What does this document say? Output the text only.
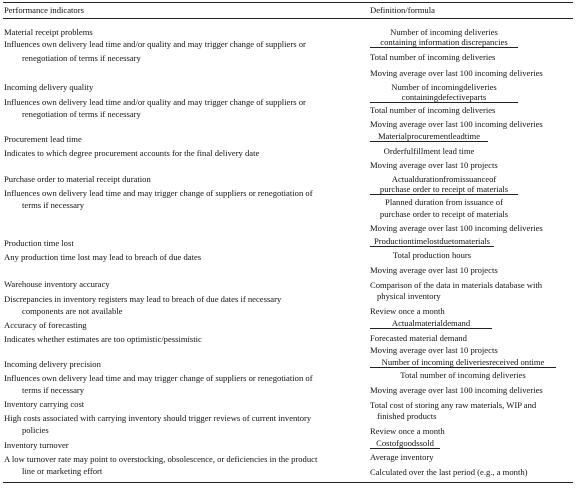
Performance indicators	Definition/formula
Material receipt problems
Influences own delivery lead time and/or quality and may trigger change of suppliers or
renegotiation of terms if necessary
Number of incoming deliveries
containing information discrepancies
Total number of incoming deliveries
Moving average over last 100 incoming deliveries
Incoming delivery quality
Influences own delivery lead time and/or quality and may trigger change of suppliers or
renegotiation of terms if necessary
Number of incomingdeliveries
containingdefectiveparts
Total number of incoming deliveries
Moving average over last 100 incoming deliveries
Procurement lead time
Indicates to which degree procurement accounts for the final delivery date
Materialprocurementleadtime
Orderfulfillment lead time
Moving average over last 10 projects
Purchase order to material receipt duration
Influences own delivery lead time and may trigger change of suppliers or renegotiation of
terms if necessary
Actualdurationfromissuanceof
purchase order to receipt of materials
Planned duration from issuance of
purchase order to receipt of materials
Moving average over last 100 incoming deliveries
Production time lost
Any production time lost may lead to breach of due dates
Productiontimelostduetomaterials
Total production hours
Moving average over last 10 projects
Warehouse inventory accuracy
Discrepancies in inventory registers may lead to breach of due dates if necessary
components are not available
Comparison of the data in materials database with
physical inventory
Review once a month
Accuracy of forecasting
Indicates whether estimates are too optimistic/pessimistic
Actualmaterialdemand
Forecasted material demand
Moving average over last 10 projects
Incoming delivery precision
Influences own delivery lead time and may trigger change of suppliers or renegotiation of
terms if necessary
Number of incoming deliveriesreceived ontime
Total number of incoming deliveries
Moving average over last 100 incoming deliveries
Inventory carrying cost
High costs associated with carrying inventory should trigger reviews of current inventory
policies
Total cost of storing any raw materials, WIP and
finished products
Review once a month
Inventory turnover
A low turnover rate may point to overstocking, obsolescence, or deficiencies in the product
line or marketing effort
Costofgoodssold
Average inventory
Calculated over the last period (e.g., a month)
